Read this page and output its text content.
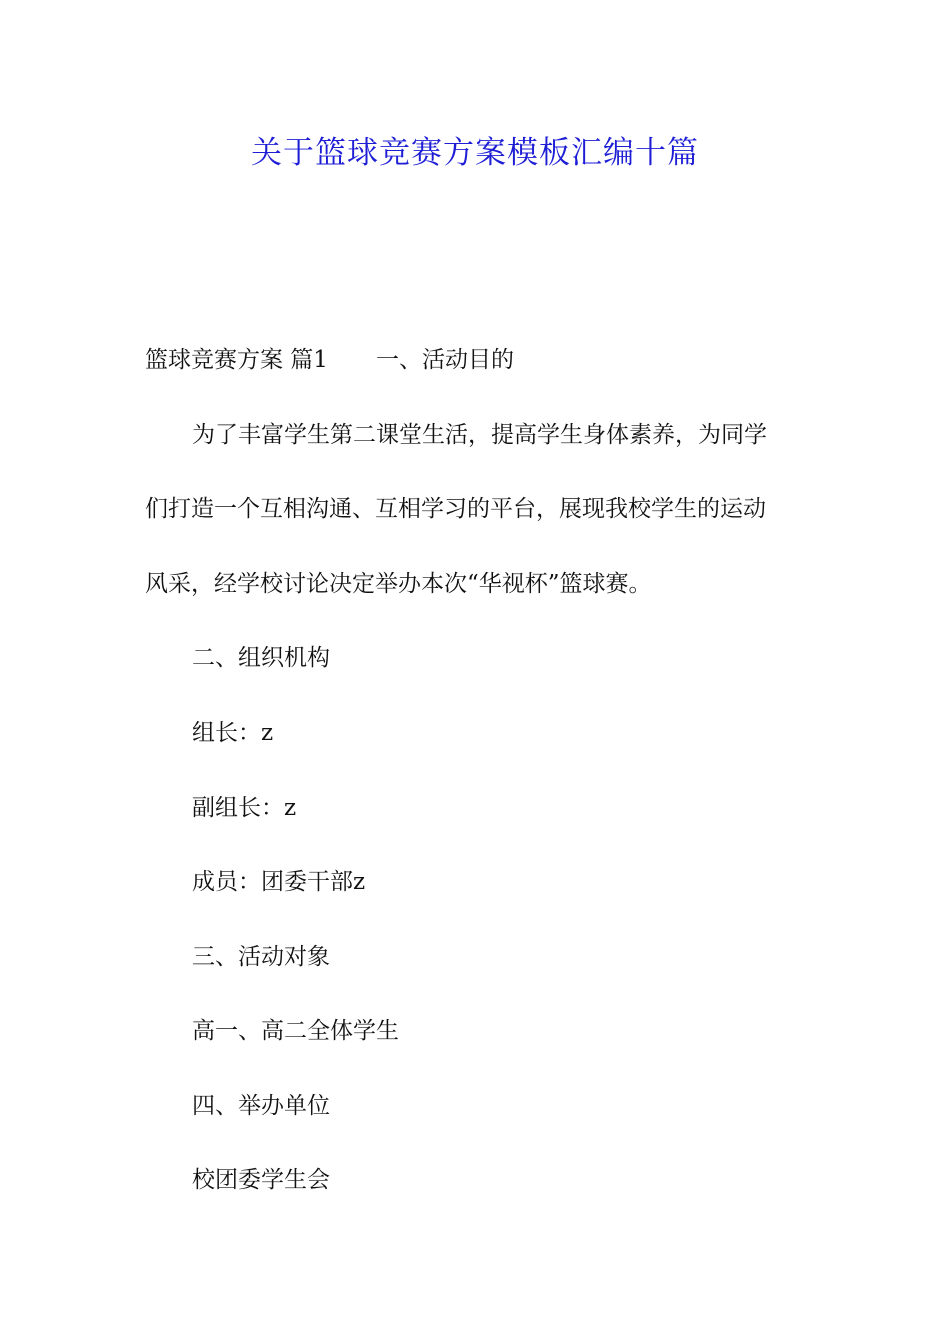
关于篮球竞赛方案模板汇编十篇

篮球竞赛方案 篇1 一、活动目的

为了丰富学生第二课堂生活，提高学生身体素养，为同学

们打造一个互相沟通、互相学习的平台，展现我校学生的运动

风采，经学校讨论决定举办本次“华视杯”篮球赛。

二、组织机构

组长：z

副组长：z

成员：团委干部z

三、活动对象

高一、高二全体学生

四、举办单位

校团委学生会
